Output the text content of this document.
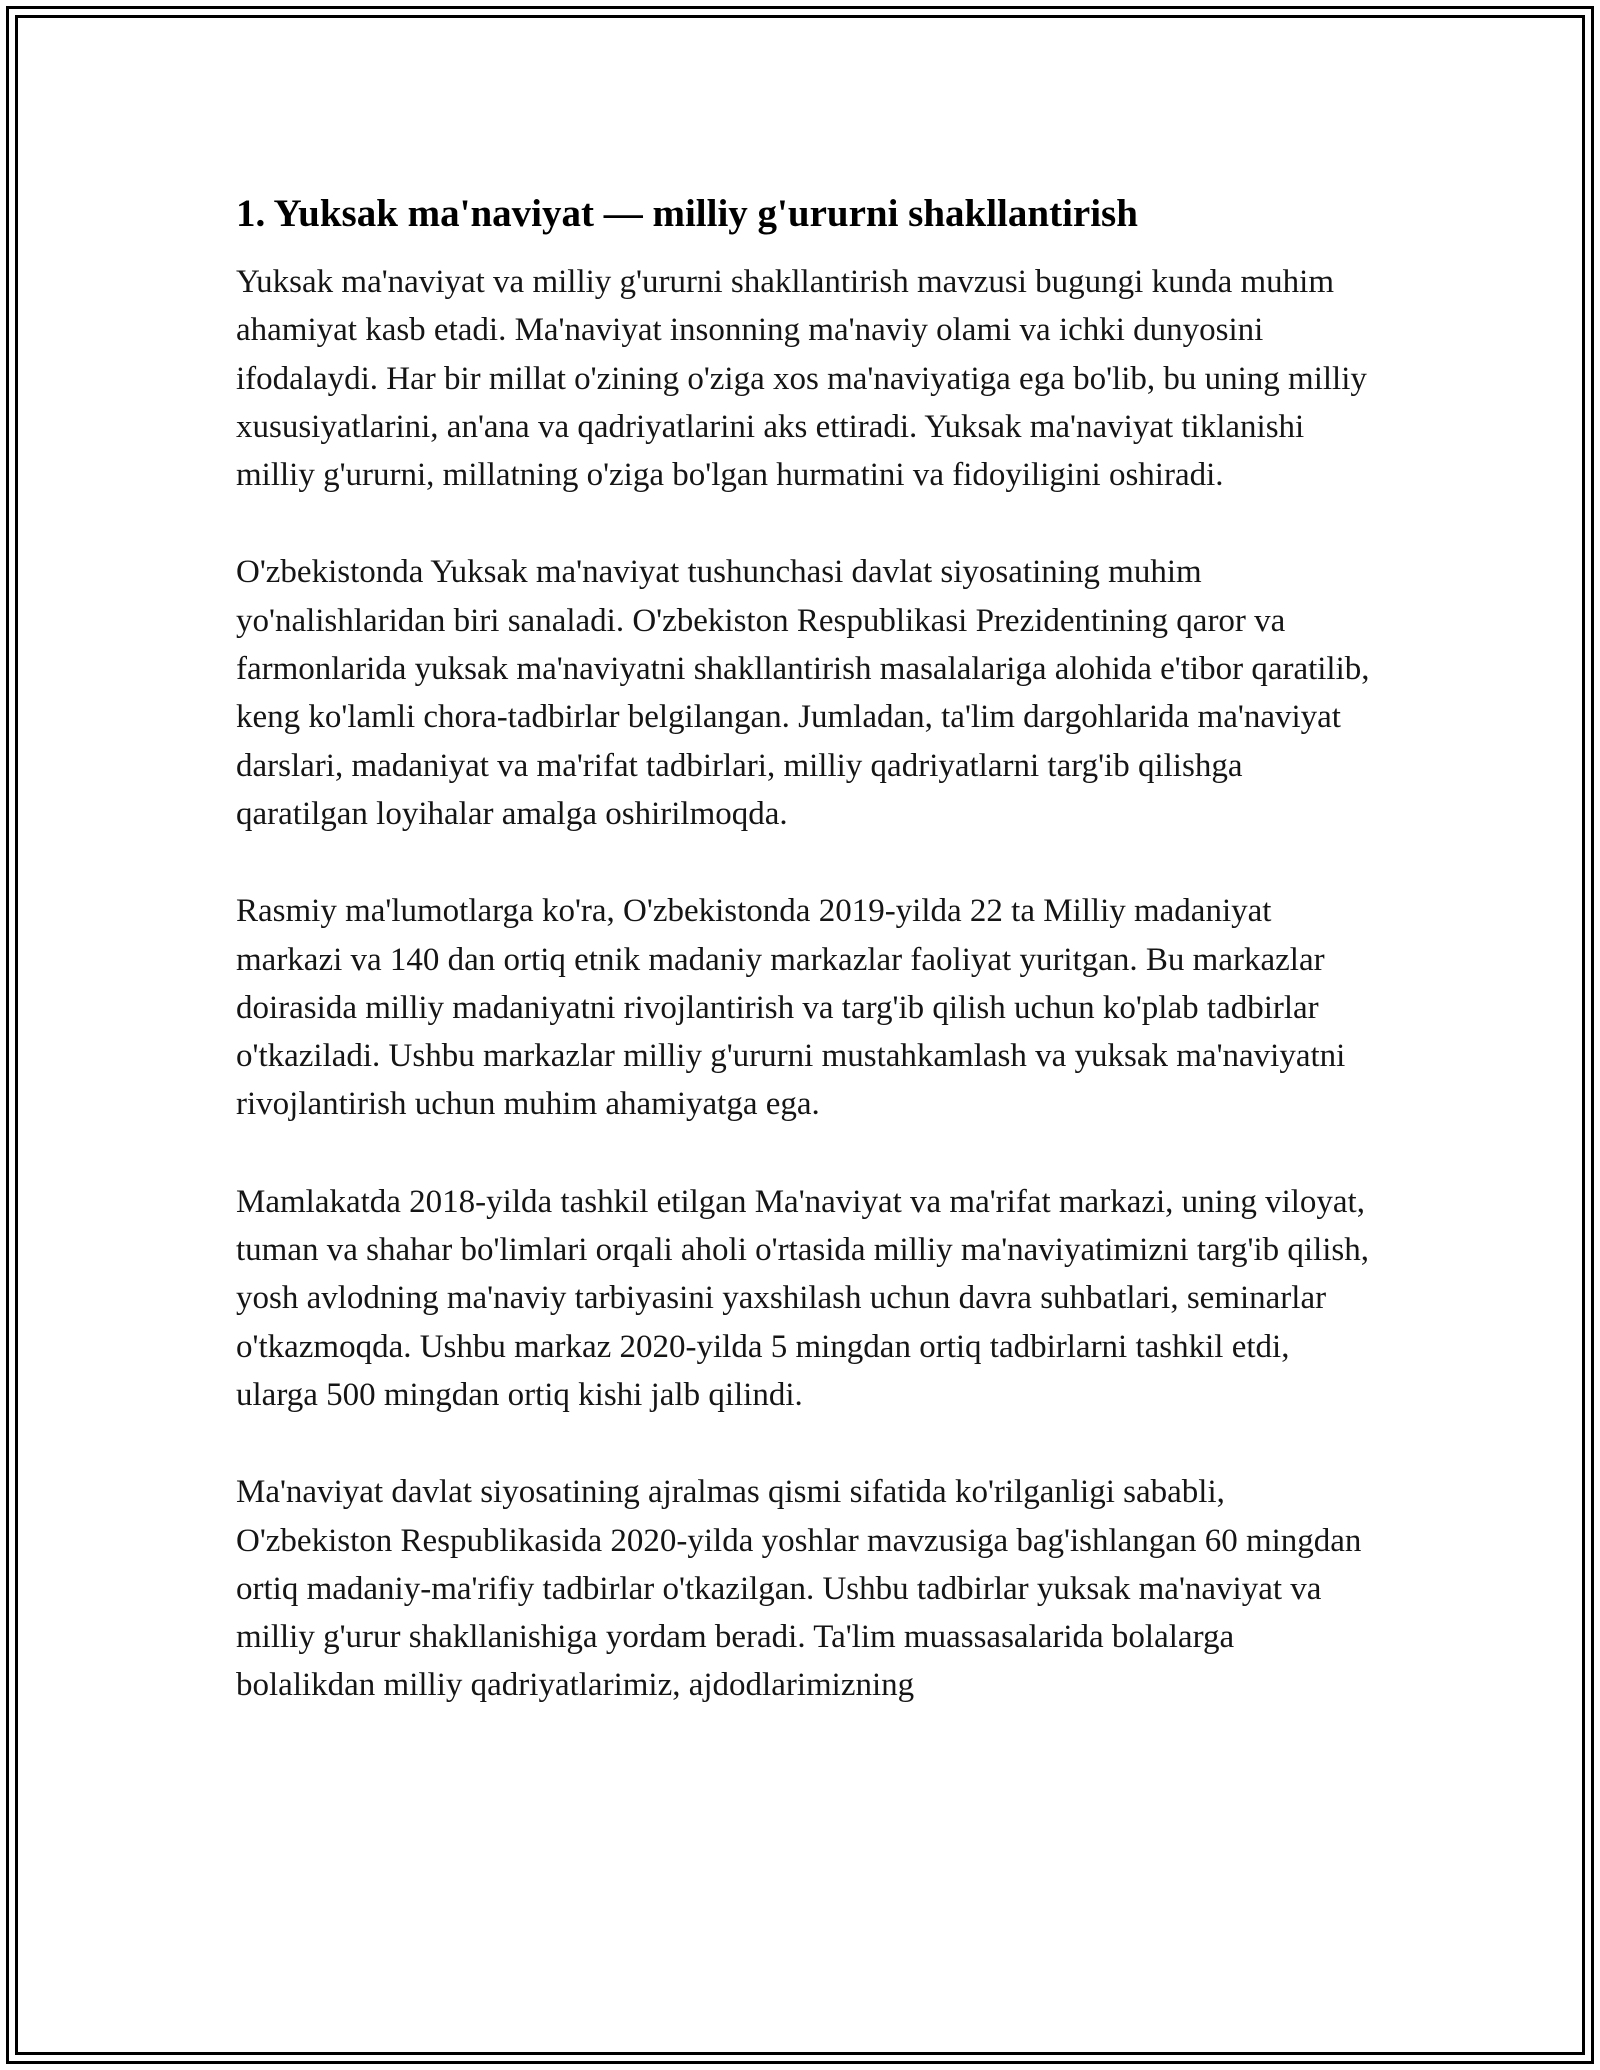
1. Yuksak ma'naviyat — milliy g'ururni shakllantirish

Yuksak ma'naviyat va milliy g'ururni shakllantirish mavzusi bugungi kunda muhim ahamiyat kasb etadi. Ma'naviyat insonning ma'naviy olami va ichki dunyosini ifodalaydi. Har bir millat o'zining o'ziga xos ma'naviyatiga ega bo'lib, bu uning milliy xususiyatlarini, an'ana va qadriyatlarini aks ettiradi. Yuksak ma'naviyat tiklanishi milliy g'ururni, millatning o'ziga bo'lgan hurmatini va fidoyiligini oshiradi.

O'zbekistonda Yuksak ma'naviyat tushunchasi davlat siyosatining muhim yo'nalishlaridan biri sanaladi. O'zbekiston Respublikasi Prezidentining qaror va farmonlarida yuksak ma'naviyatni shakllantirish masalalariga alohida e'tibor qaratilib, keng ko'lamli chora-tadbirlar belgilangan. Jumladan, ta'lim dargohlarida ma'naviyat darslari, madaniyat va ma'rifat tadbirlari, milliy qadriyatlarni targ'ib qilishga qaratilgan loyihalar amalga oshirilmoqda.

Rasmiy ma'lumotlarga ko'ra, O'zbekistonda 2019-yilda 22 ta Milliy madaniyat markazi va 140 dan ortiq etnik madaniy markazlar faoliyat yuritgan. Bu markazlar doirasida milliy madaniyatni rivojlantirish va targ'ib qilish uchun ko'plab tadbirlar o'tkaziladi. Ushbu markazlar milliy g'ururni mustahkamlash va yuksak ma'naviyatni rivojlantirish uchun muhim ahamiyatga ega.

Mamlakatda 2018-yilda tashkil etilgan Ma'naviyat va ma'rifat markazi, uning viloyat, tuman va shahar bo'limlari orqali aholi o'rtasida milliy ma'naviyatimizni targ'ib qilish, yosh avlodning ma'naviy tarbiyasini yaxshilash uchun davra suhbatlari, seminarlar o'tkazmoqda. Ushbu markaz 2020-yilda 5 mingdan ortiq tadbirlarni tashkil etdi, ularga 500 mingdan ortiq kishi jalb qilindi.

Ma'naviyat davlat siyosatining ajralmas qismi sifatida ko'rilganligi sababli, O'zbekiston Respublikasida 2020-yilda yoshlar mavzusiga bag'ishlangan 60 mingdan ortiq madaniy-ma'rifiy tadbirlar o'tkazilgan. Ushbu tadbirlar yuksak ma'naviyat va milliy g'urur shakllanishiga yordam beradi. Ta'lim muassasalarida bolalarga bolalikdan milliy qadriyatlarimiz, ajdodlarimizning
